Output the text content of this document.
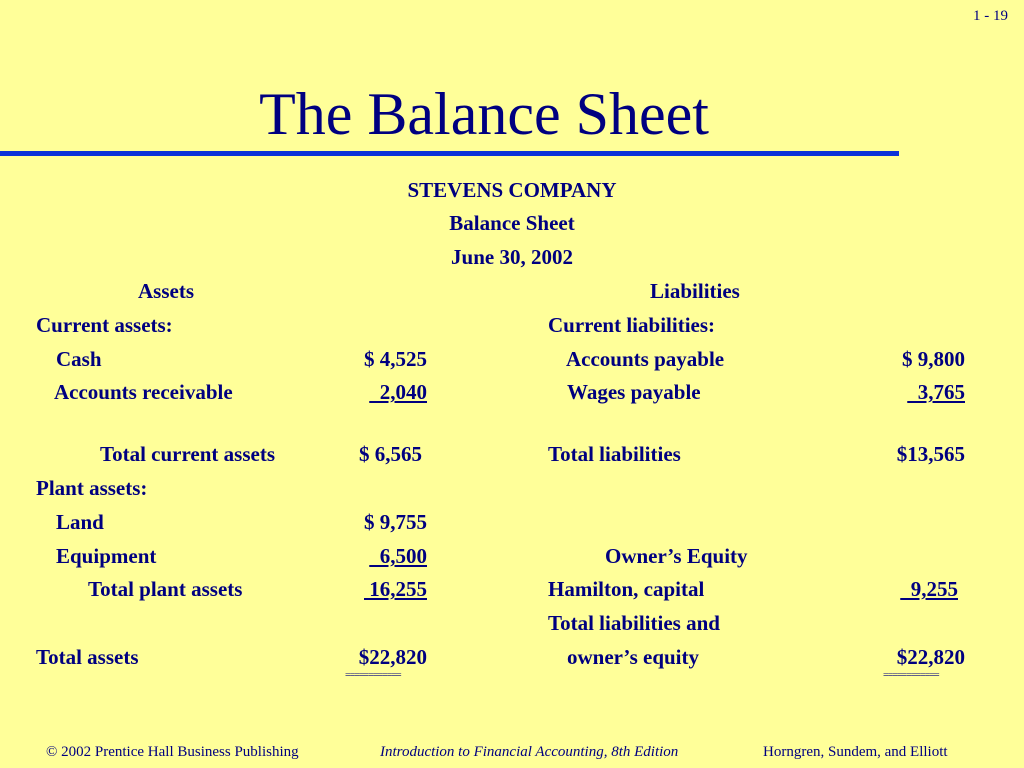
1 - 19
The Balance Sheet
STEVENS COMPANY
Balance Sheet
June 30, 2002
Assets
Current assets:
Cash	$ 4,525
Accounts receivable	2,040
Total current assets	$ 6,565
Plant assets:
Land	$ 9,755
Equipment	6,500
Total plant assets	16,255
Total assets	$22,820
============
Liabilities
Current liabilities:
Accounts payable	$ 9,800
Wages payable	3,765
Total liabilities	$13,565
Owner’s Equity
Hamilton, capital	9,255
Total liabilities and
owner’s equity	$22,820
============
© 2002 Prentice Hall Business Publishing	Introduction to Financial Accounting, 8th Edition	Horngren, Sundem, and Elliott
